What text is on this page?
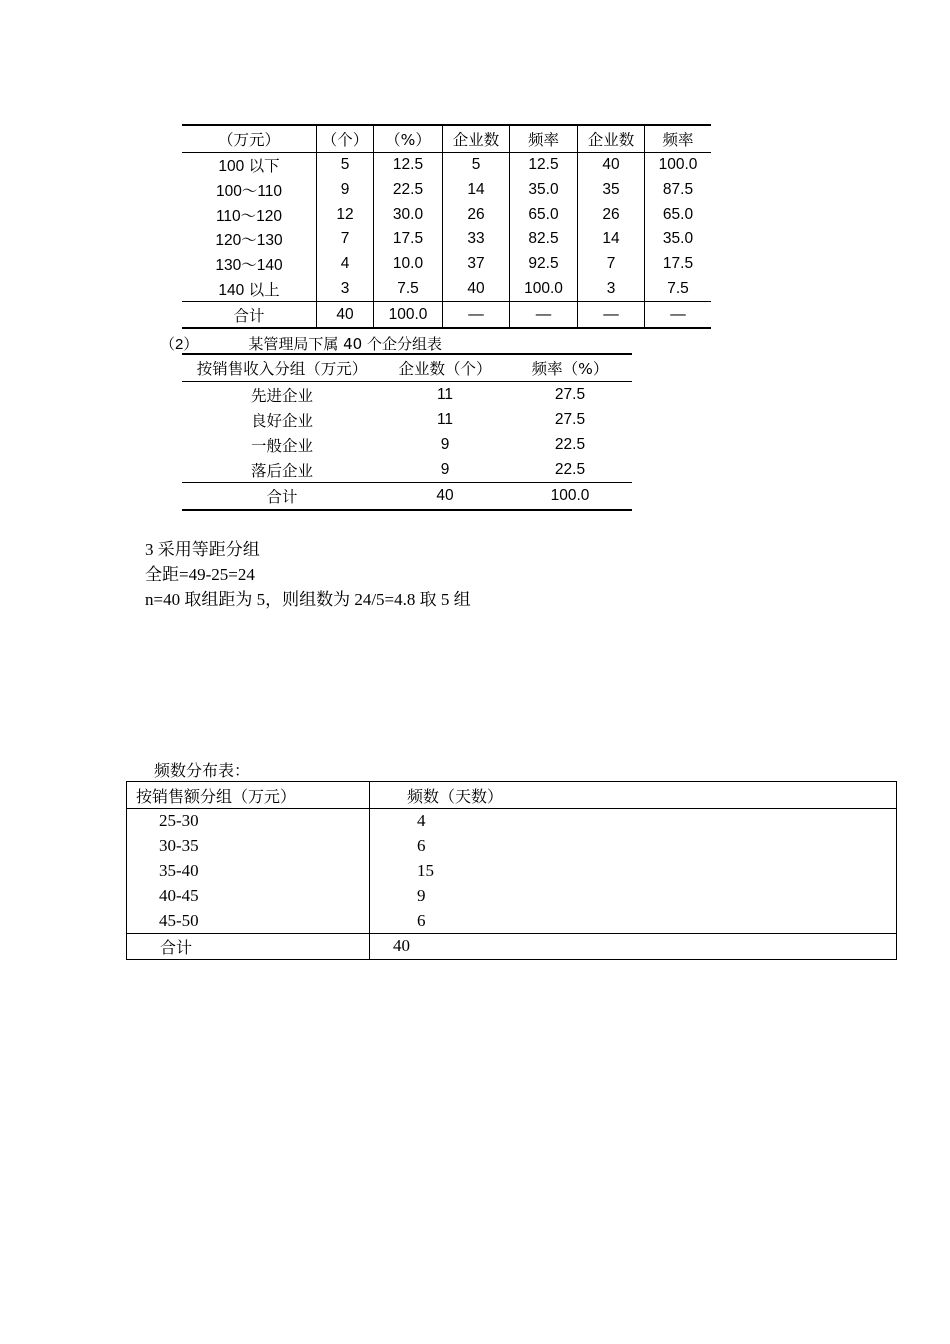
（万元）	（个）	（%）	企业数	频率	企业数	频率
100 以下	5	12.5	5	12.5	40	100.0
100～110	9	22.5	14	35.0	35	87.5
110～120	12	30.0	26	65.0	26	65.0
120～130	7	17.5	33	82.5	14	35.0
130～140	4	10.0	37	92.5	7	17.5
140 以上	3	7.5	40	100.0	3	7.5
合计	40	100.0	—	—	—	—
（2）	某管理局下属 40 个企分组表
按销售收入分组（万元）	企业数（个）	频率（%）
先进企业	11	27.5
良好企业	11	27.5
一般企业	9	22.5
落后企业	9	22.5
合计	40	100.0
3 采用等距分组
全距=49-25=24
n=40 取组距为 5，则组数为 24/5=4.8 取 5 组
频数分布表：
按销售额分组（万元）	频数（天数）
25-30	4
30-35	6
35-40	15
40-45	9
45-50	6
合计	40
